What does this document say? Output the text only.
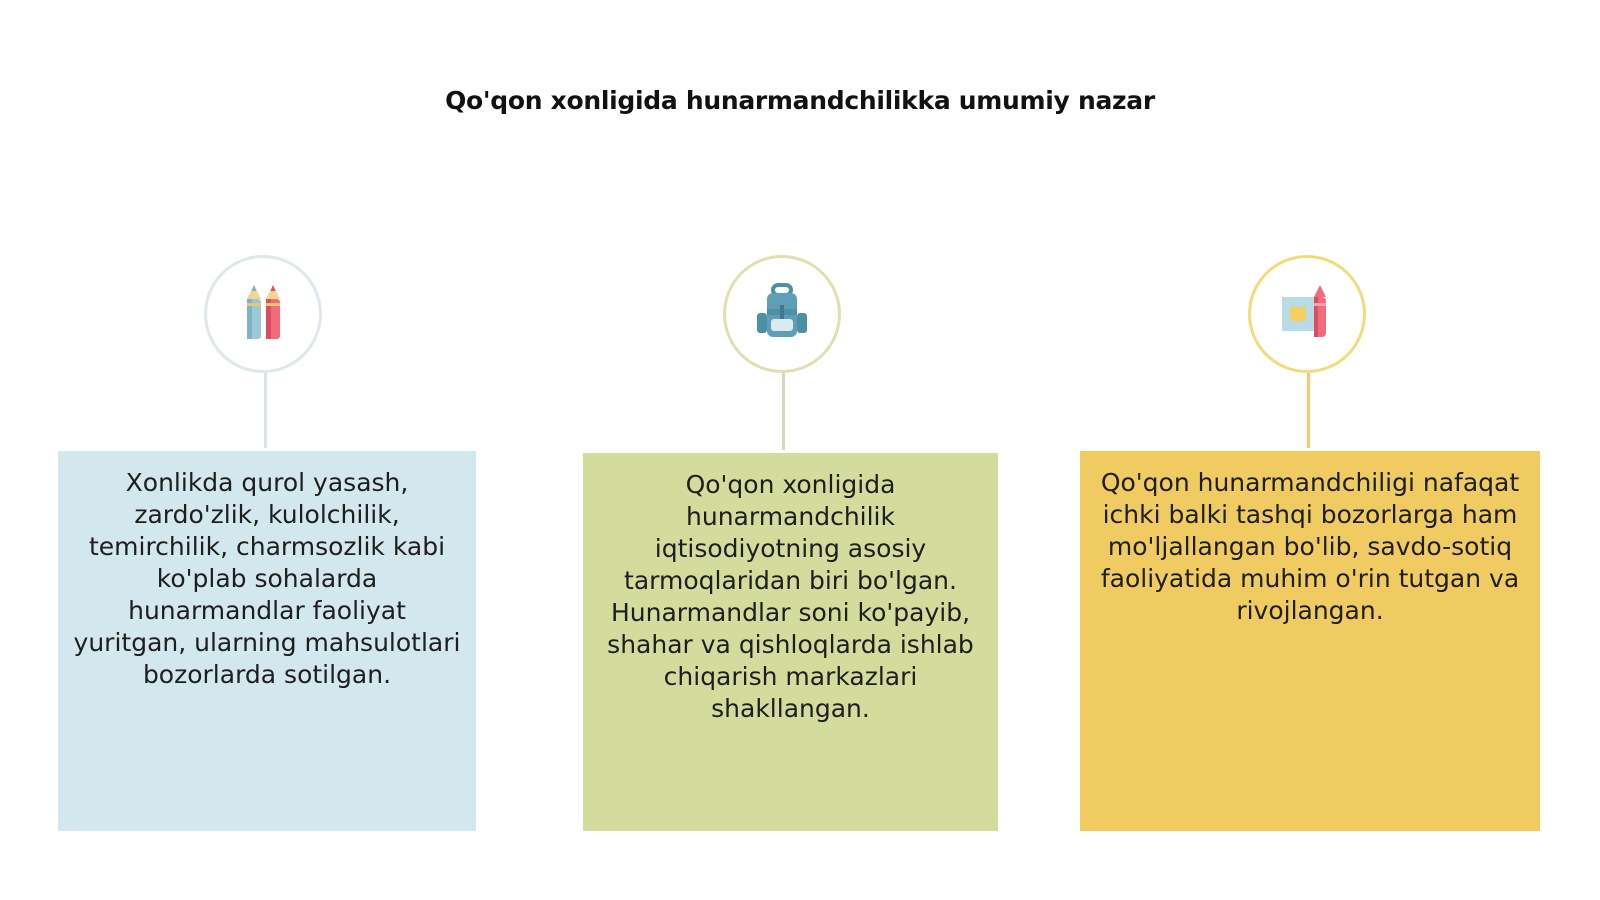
Qo'qon xonligida hunarmandchilikka umumiy nazar
Xonlikda qurol yasash, zardo'zlik, kulolchilik, temirchilik, charmsozlik kabi ko'plab sohalarda hunarmandlar faoliyat yuritgan, ularning mahsulotlari bozorlarda sotilgan.
Qo'qon xonligida hunarmandchilik iqtisodiyotning asosiy tarmoqlaridan biri bo'lgan. Hunarmandlar soni ko'payib, shahar va qishloqlarda ishlab chiqarish markazlari shakllangan.
Qo'qon hunarmandchiligi nafaqat ichki balki tashqi bozorlarga ham mo'ljallangan bo'lib, savdo-sotiq faoliyatida muhim o'rin tutgan va rivojlangan.
